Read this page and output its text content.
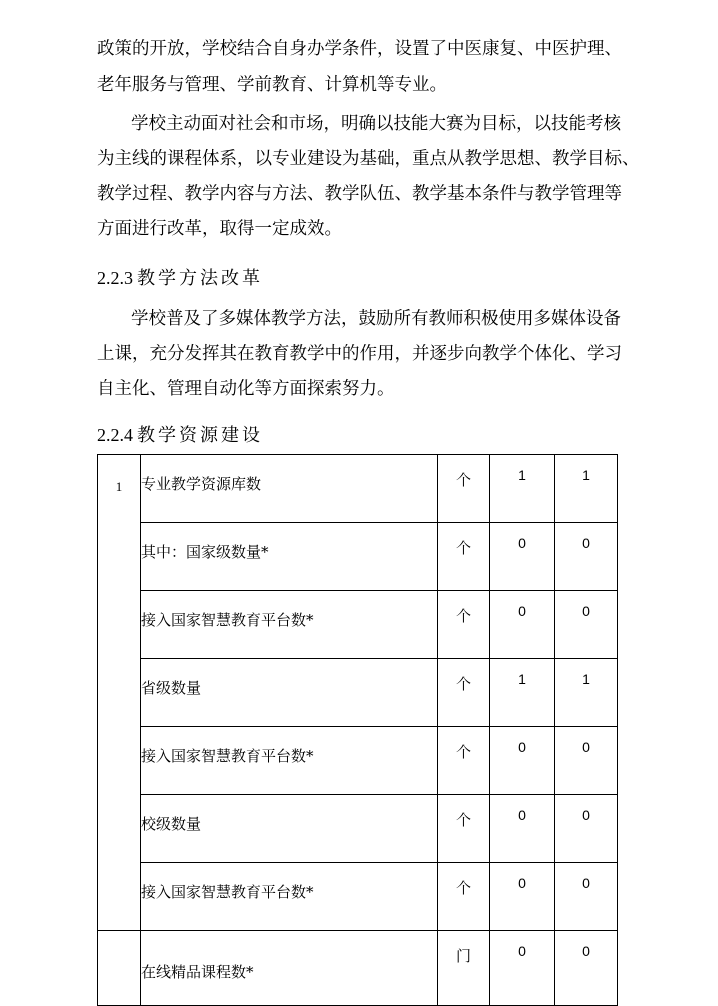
政策的开放，学校结合自身办学条件，设置了中医康复、中医护理、
老年服务与管理、学前教育、计算机等专业。
学校主动面对社会和市场，明确以技能大赛为目标，以技能考核
为主线的课程体系，以专业建设为基础，重点从教学思想、教学目标、
教学过程、教学内容与方法、教学队伍、教学基本条件与教学管理等
方面进行改革，取得一定成效。
2.2.3 教学方法改革
学校普及了多媒体教学方法，鼓励所有教师积极使用多媒体设备
上课，充分发挥其在教育教学中的作用，并逐步向教学个体化、学习
自主化、管理自动化等方面探索努力。
2.2.4 教学资源建设
1	专业教学资源库数	个	1	1

	其中：国家级数量*	个	0	0

	接入国家智慧教育平台数*	个	0	0

	省级数量	个	1	1

	接入国家智慧教育平台数*	个	0	0

	校级数量	个	0	0

	接入国家智慧教育平台数*	个	0	0

	在线精品课程数*	门	0	0
